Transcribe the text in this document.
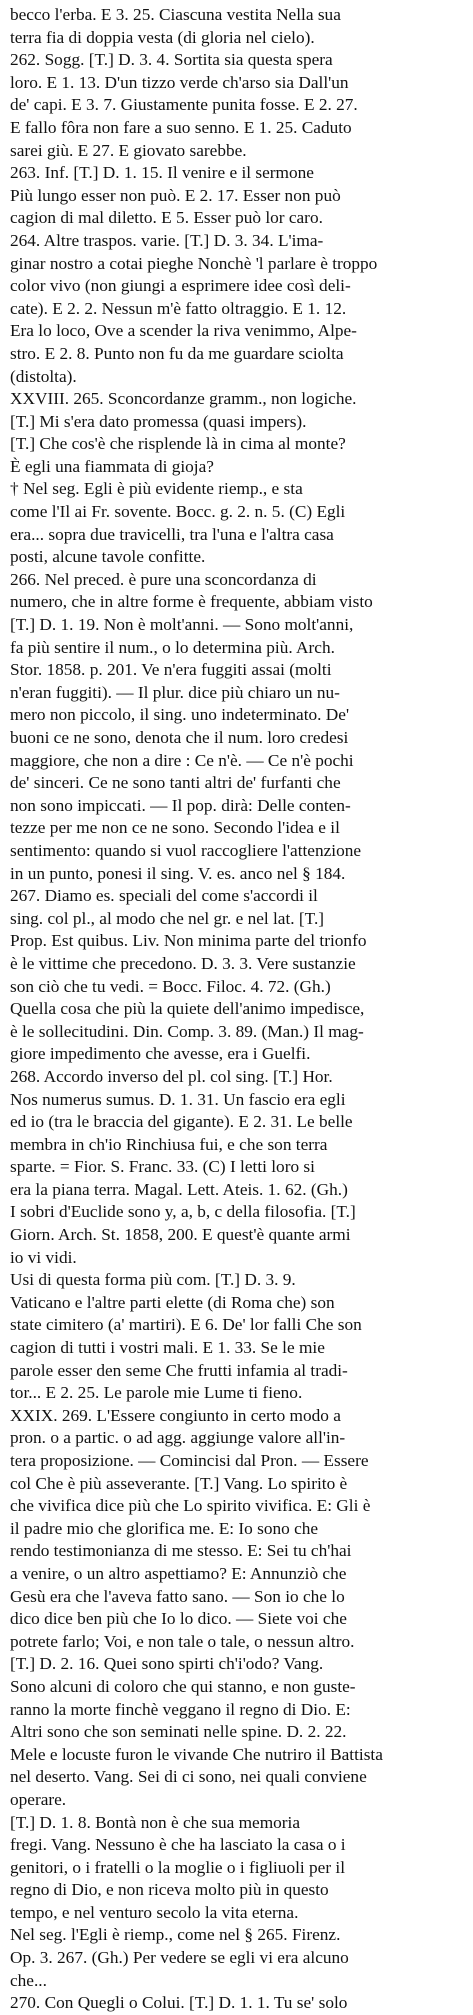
becco l'erba. E 3. 25. Ciascuna vestita Nella sua
terra fia di doppia vesta (di gloria nel cielo).
262. Sogg. [T.] D. 3. 4. Sortita sia questa spera
loro. E 1. 13. D'un tizzo verde ch'arso sia Dall'un
de' capi. E 3. 7. Giustamente punita fosse. E 2. 27.
E fallo fôra non fare a suo senno. E 1. 25. Caduto
sarei giù. E 27. E giovato sarebbe.
263. Inf. [T.] D. 1. 15. Il venire e il sermone
Più lungo esser non può. E 2. 17. Esser non può
cagion di mal diletto. E 5. Esser può lor caro.
264. Altre traspos. varie. [T.] D. 3. 34. L'ima-
ginar nostro a cotai pieghe Nonchè 'l parlare è troppo
color vivo (non giungi a esprimere idee così deli-
cate). E 2. 2. Nessun m'è fatto oltraggio. E 1. 12.
Era lo loco, Ove a scender la riva venimmo, Alpe-
stro. E 2. 8. Punto non fu da me guardare sciolta
(distolta).
XXVIII. 265. Sconcordanze gramm., non logiche.
[T.] Mi s'era dato promessa (quasi impers).
[T.] Che cos'è che risplende là in cima al monte?
È egli una fiammata di gioja?
† Nel seg. Egli è più evidente riemp., e sta
come l'Il ai Fr. sovente. Bocc. g. 2. n. 5. (C) Egli
era... sopra due travicelli, tra l'una e l'altra casa
posti, alcune tavole confitte.
266. Nel preced. è pure una sconcordanza di
numero, che in altre forme è frequente, abbiam visto
[T.] D. 1. 19. Non è molt'anni. — Sono molt'anni,
fa più sentire il num., o lo determina più. Arch.
Stor. 1858. p. 201. Ve n'era fuggiti assai (molti
n'eran fuggiti). — Il plur. dice più chiaro un nu-
mero non piccolo, il sing. uno indeterminato. De'
buoni ce ne sono, denota che il num. loro credesi
maggiore, che non a dire : Ce n'è. — Ce n'è pochi
de' sinceri. Ce ne sono tanti altri de' furfanti che
non sono impiccati. — Il pop. dirà: Delle conten-
tezze per me non ce ne sono. Secondo l'idea e il
sentimento: quando si vuol raccogliere l'attenzione
in un punto, ponesi il sing. V. es. anco nel § 184.
267. Diamo es. speciali del come s'accordi il
sing. col pl., al modo che nel gr. e nel lat. [T.]
Prop. Est quibus. Liv. Non minima parte del trionfo
è le vittime che precedono. D. 3. 3. Vere sustanzie
son ciò che tu vedi. = Bocc. Filoc. 4. 72. (Gh.)
Quella cosa che più la quiete dell'animo impedisce,
è le sollecitudini. Din. Comp. 3. 89. (Man.) Il mag-
giore impedimento che avesse, era i Guelfi.
268. Accordo inverso del pl. col sing. [T.] Hor.
Nos numerus sumus. D. 1. 31. Un fascio era egli
ed io (tra le braccia del gigante). E 2. 31. Le belle
membra in ch'io Rinchiusa fui, e che son terra
sparte. = Fior. S. Franc. 33. (C) I letti loro si
era la piana terra. Magal. Lett. Ateis. 1. 62. (Gh.)
I sobri d'Euclide sono y, a, b, c della filosofia. [T.]
Giorn. Arch. St. 1858, 200. E quest'è quante armi
io vi vidi.
Usi di questa forma più com. [T.] D. 3. 9.
Vaticano e l'altre parti elette (di Roma che) son
state cimitero (a' martiri). E 6. De' lor falli Che son
cagion di tutti i vostri mali. E 1. 33. Se le mie
parole esser den seme Che frutti infamia al tradi-
tor... E 2. 25. Le parole mie Lume ti fieno.
XXIX. 269. L'Essere congiunto in certo modo a
pron. o a partic. o ad agg. aggiunge valore all'in-
tera proposizione. — Comincisi dal Pron. — Essere
col Che è più asseverante. [T.] Vang. Lo spirito è
che vivifica dice più che Lo spirito vivifica. E: Gli è
il padre mio che glorifica me. E: Io sono che
rendo testimonianza di me stesso. E: Sei tu ch'hai
a venire, o un altro aspettiamo? E: Annunziò che
Gesù era che l'aveva fatto sano. — Son io che lo
dico dice ben più che Io lo dico. — Siete voi che
potrete farlo; Voi, e non tale o tale, o nessun altro.
[T.] D. 2. 16. Quei sono spirti ch'i'odo? Vang.
Sono alcuni di coloro che qui stanno, e non guste-
ranno la morte finchè veggano il regno di Dio. E:
Altri sono che son seminati nelle spine. D. 2. 22.
Mele e locuste furon le vivande Che nutriro il Battista
nel deserto. Vang. Sei di ci sono, nei quali conviene
operare.
[T.] D. 1. 8. Bontà non è che sua memoria
fregi. Vang. Nessuno è che ha lasciato la casa o i
genitori, o i fratelli o la moglie o i figliuoli per il
regno di Dio, e non riceva molto più in questo
tempo, e nel venturo secolo la vita eterna.
Nel seg. l'Egli è riemp., come nel § 265. Firenz.
Op. 3. 267. (Gh.) Per vedere se egli vi era alcuno
che...
270. Con Quegli o Colui. [T.] D. 1. 1. Tu se' solo
